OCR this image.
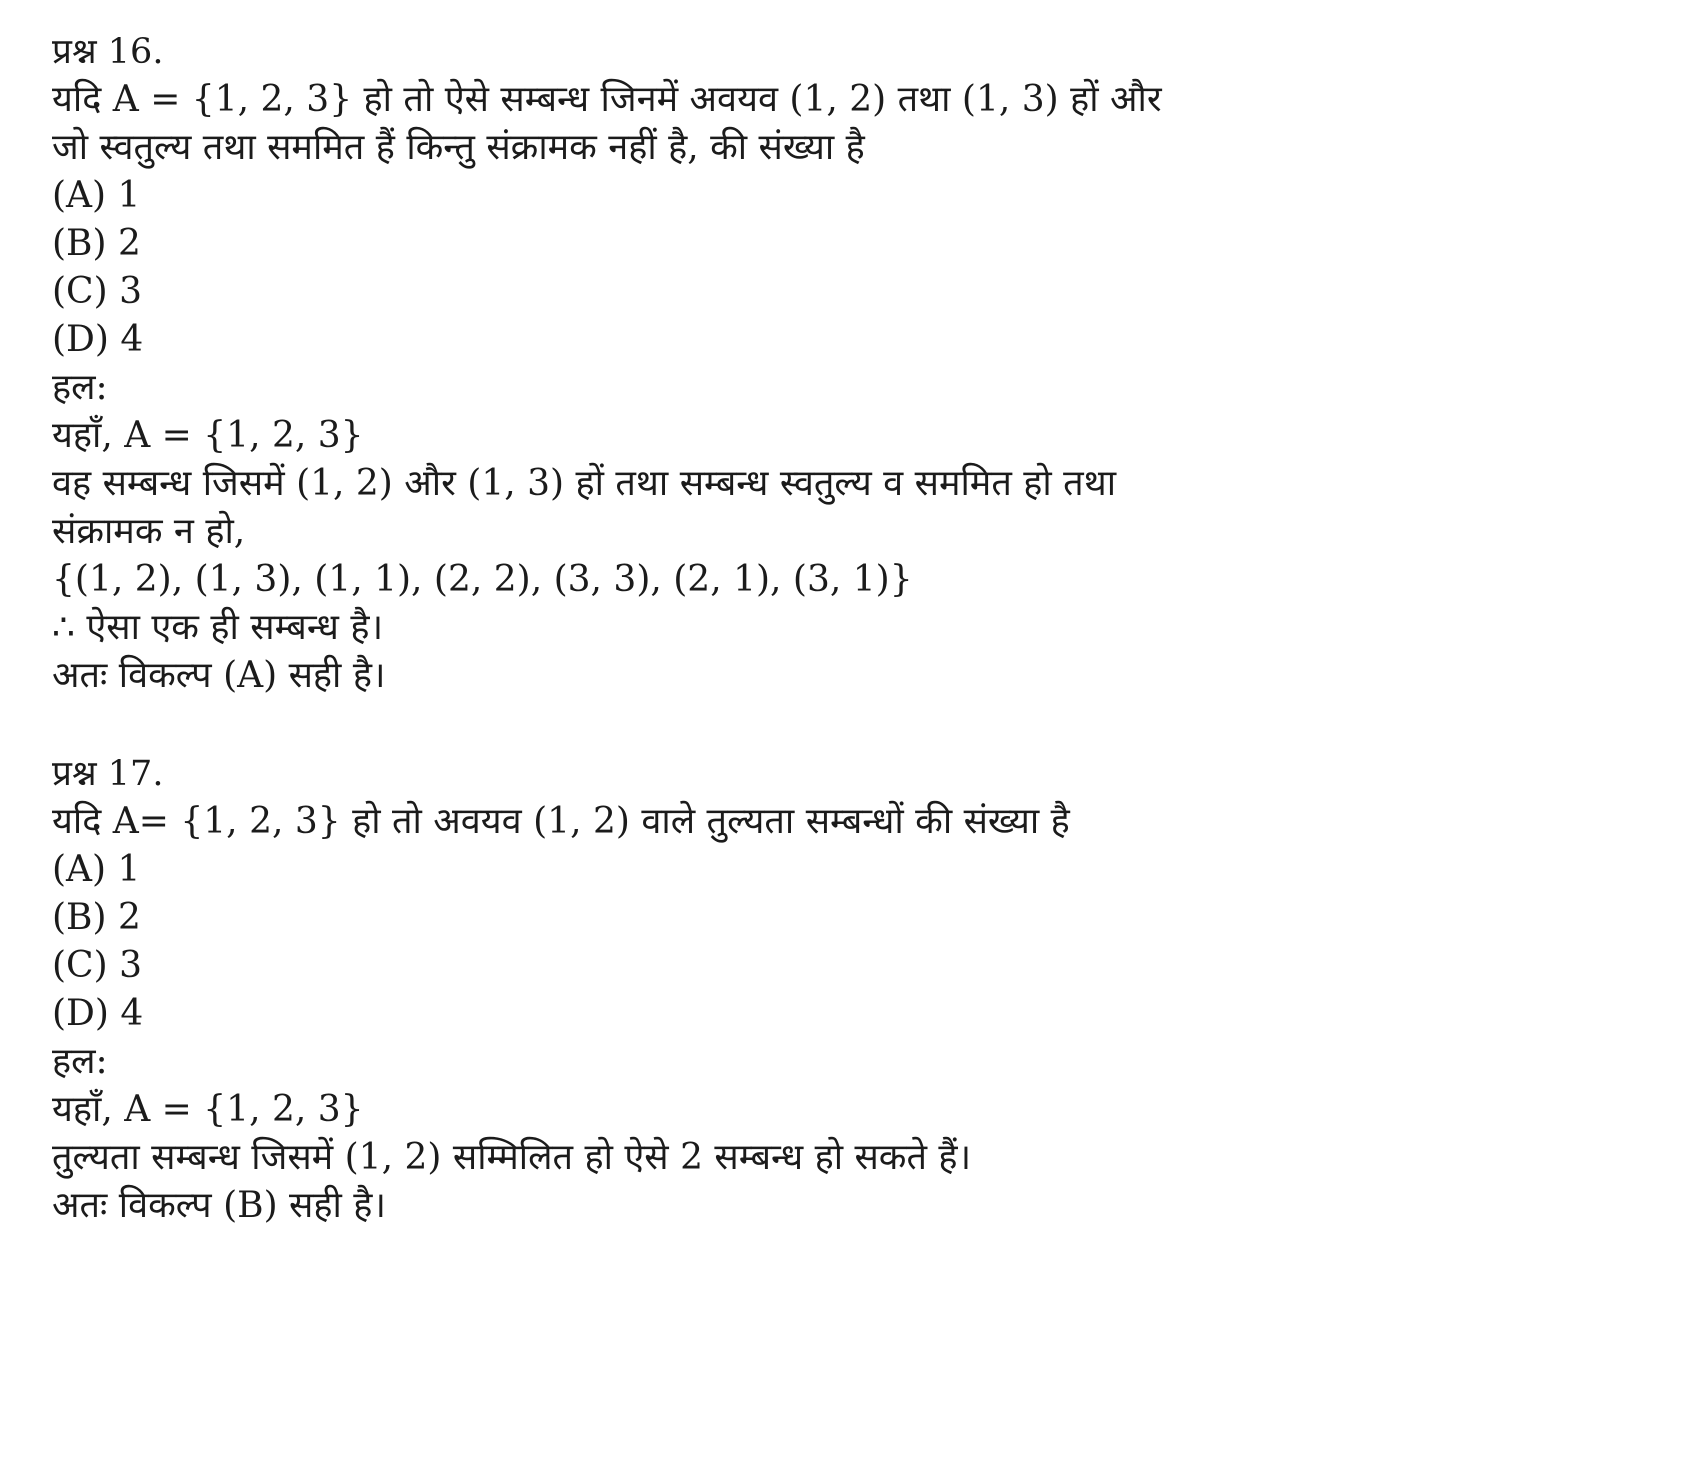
प्रश्न 16.

यदि A = {1, 2, 3} हो तो ऐसे सम्बन्ध जिनमें अवयव (1, 2) तथा (1, 3) हों और जो स्वतुल्य तथा सममित हैं किन्तु संक्रामक नहीं है, की संख्या है

(A) 1

(B) 2

(C) 3

(D) 4

हल:

यहाँ, A = {1, 2, 3}

वह सम्बन्ध जिसमें (1, 2) और (1, 3) हों तथा सम्बन्ध स्वतुल्य व सममित हो तथा संक्रामक न हो,

{(1, 2), (1, 3), (1, 1), (2, 2), (3, 3), (2, 1), (3, 1)}

∴ ऐसा एक ही सम्बन्ध है।

अतः विकल्प (A) सही है।

प्रश्न 17.

यदि A= {1, 2, 3} हो तो अवयव (1, 2) वाले तुल्यता सम्बन्धों की संख्या है

(A) 1

(B) 2

(C) 3

(D) 4

हल:

यहाँ, A = {1, 2, 3}

तुल्यता सम्बन्ध जिसमें (1, 2) सम्मिलित हो ऐसे 2 सम्बन्ध हो सकते हैं।

अतः विकल्प (B) सही है।
